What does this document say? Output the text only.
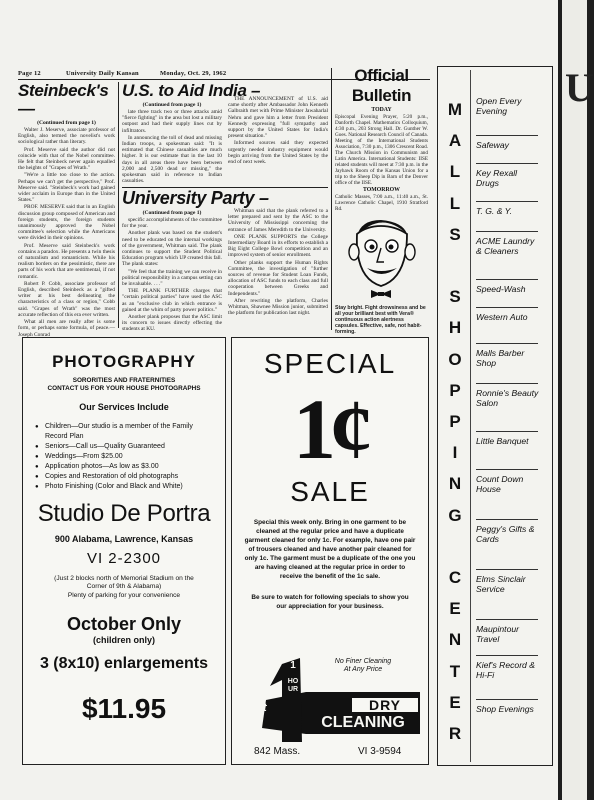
Page 12	University Daily Kansan	Monday, Oct. 29, 1962
Steinbeck's—
(Continued from page 1)

Walter J. Meserve, associate professor of English, also termed the novelist's work sociological rather than literary.

Prof. Meserve said the author did not coincide with that of the Nobel committee. He felt that Steinbeck never again equalled the heights of "Grapes of Wrath."

"We're a little too close to the action. Perhaps we can't get the perspective," Prof. Meserve said. "Steinbeck's work had gained wider acclaim in Europe than in the United States."

PROF. MESERVE said that in an English discussion group composed of American and foreign students, the foreign students unanimously approved the Nobel committee's selection while the Americans were divided in their opinions.

Prof. Meserve said Steinbeck's work contains a paradox. He presents a twin thesis of naturalism and romanticism. While his realism borders on the pessimistic, there are parts of his work that are sentimental, if not romantic.

Robert P. Cobb, associate professor of English, described Steinbeck as a "gifted writer at his best delineating the characteristics of a class or region," Cobb said. "Grapes of Wrath" was the most accurate reflection of this era ever written.

What all men are really after is some form, or perhaps some formula, of peace.—Joseph Conrad

U.S. to Aid India –
(Continued from page 1)

late three track two or three attacks amid "fierce fighting" in the area but lost a military outpost and had their supply lines cut by infiltrators.

In announcing the toll of dead and missing Indian troops, a spokesman said: "It is estimated that Chinese casualties are much higher. It is our estimate that in the last 10 days in all areas there have been between 2,000 and 2,500 dead or missing," the spokesman said in reference to Indian casualties.

THE ANNOUNCEMENT of U.S. aid came shortly after Ambassador John Kenneth Galbraith met with Prime Minister Jawaharlal Nehru and gave him a letter from President Kennedy expressing "full sympathy and support by the United States for India's present situation."

Informed sources said they expected urgently needed industry equipment would begin arriving from the United States by the end of next week.

University Party –
(Continued from page 1)

specific accomplishments of the committee for the year.

Another plank was based on the student's need to be educated on the internal workings of the government, Whitman said. The plank continues to support the Student Political Education program which UP created this fall. The plank states:

"We feel that the training we can receive in political responsibility in a campus setting can be invaluable. . . ."

THE PLANK FURTHER charges that "certain political parties" have used the ASC as an "exclusive club in which entrance is gained at the whim of party power politics."

Another plank proposes that the ASC limit its concern to issues directly effecting the students at KU.

Whitman said that the plank referred to a letter prepared and sent by the ASC to the University of Mississippi concerning the entrance of James Meredith to the University.

ONE PLANK SUPPORTS the College Intermediary Board in its efforts to establish a Big Eight College Bowl competition and an improved system of senior enrollment.

Other planks support the Human Rights Committee, the investigation of "further sources of revenue for Student Loan Funds, allocation of ASC funds to each class and full cooperation between Greeks and Independents."

After rewriting the platform, Charles Whitman, Shawnee Mission junior, submitted the platform for publication last night.

Official Bulletin
TODAY
Episcopal Evening Prayer, 5:20 p.m., Danforth Chapel. Mathematics Colloquium, 4:30 p.m., 203 Strong Hall. Dr. Gunther W. Goes. National Research Council of Canada. Meeting of the International Students Association, 7:30 p.m., 1306 Crescent Road. The Church Mission in Communism and Latin America. International Students: IISE related students will meet at 7:30 p.m. in the Jayhawk Room of the Kansas Union for a trip to the Sheep Dip in Barn of the Denver office of the IISE.
TOMORROW
Catholic Masses, 7:00 a.m., 11:40 a.m., St. Lawrence Catholic Chapel, 1910 Stratford Rd.
Stay bright. Fight drowsiness and be all your brilliant best with Vera® continuous action alertness capsules. Effective, safe, not habit-forming.
PHOTOGRAPHY
SORORITIES AND FRATERNITIES
CONTACT US FOR YOUR HOUSE PHOTOGRAPHS
Our Services Include
● Children—Our studio is a member of the Family Record Plan
● Seniors—Call us—Quality Guaranteed
● Weddings—From $25.00
● Application photos—As low as $3.00
● Copies and Restoration of old photographs
● Photo Finishing (Color and Black and White)
Studio De Portra
900 Alabama, Lawrence, Kansas
VI 2-2300
(Just 2 blocks north of Memorial Stadium on the Corner of 9th & Alabama)
Plenty of parking for your convenience
October Only
(children only)
3 (8x10) enlargements
$11.95
SPECIAL
1¢
SALE
Special this week only. Bring in one garment to be cleaned at the regular price and have a duplicate garment cleaned for only 1c. For example, have one pair of trousers cleaned and have another pair cleaned for only 1c. The garment must be a duplicate of the one you are having cleaned at the regular price in order to receive the benefit of the 1c sale.
Be sure to watch for following specials to show you our appreciation for your business.
Fast
HOUR
1	No Finer Cleaning
At Any Price
DRY
CLEANING
842 Mass.	VI 3-9594
M
A
L
L
S
S
H
O
P
P
I
N
G
C
E
N
T
E
R
Open Every Evening
Safeway
Key Rexall Drugs
T. G. & Y.
ACME Laundry & Cleaners
Speed-Wash
Western Auto
Malls Barber Shop
Ronnie's Beauty Salon
Little Banquet
Count Down House
Peggy's Gifts & Cards
Elms Sinclair Service
Maupintour Travel
Kief's Record & Hi-Fi
Shop Evenings
U
